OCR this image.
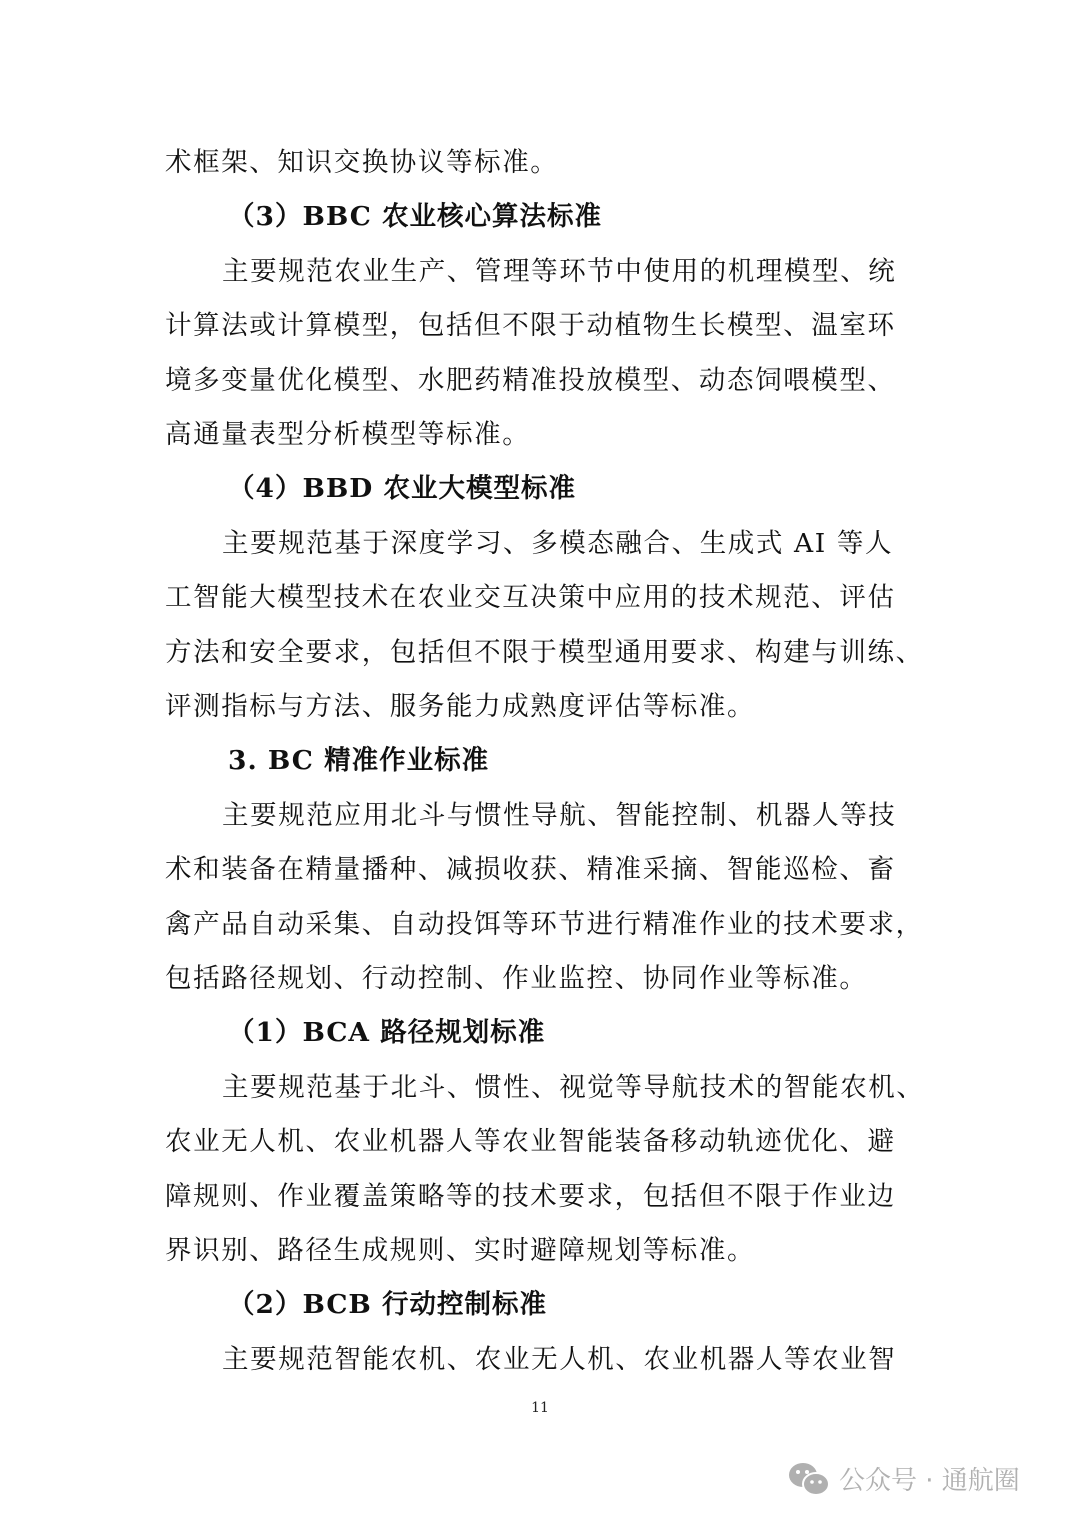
术框架、知识交换协议等标准。
（3）BBC 农业核心算法标准
主要规范农业生产、管理等环节中使用的机理模型、统
计算法或计算模型，包括但不限于动植物生长模型、温室环
境多变量优化模型、水肥药精准投放模型、动态饲喂模型、
高通量表型分析模型等标准。
（4）BBD 农业大模型标准
主要规范基于深度学习、多模态融合、生成式 AI 等人
工智能大模型技术在农业交互决策中应用的技术规范、评估
方法和安全要求，包括但不限于模型通用要求、构建与训练、
评测指标与方法、服务能力成熟度评估等标准。
3. BC 精准作业标准
主要规范应用北斗与惯性导航、智能控制、机器人等技
术和装备在精量播种、减损收获、精准采摘、智能巡检、畜
禽产品自动采集、自动投饵等环节进行精准作业的技术要求，
包括路径规划、行动控制、作业监控、协同作业等标准。
（1）BCA 路径规划标准
主要规范基于北斗、惯性、视觉等导航技术的智能农机、
农业无人机、农业机器人等农业智能装备移动轨迹优化、避
障规则、作业覆盖策略等的技术要求，包括但不限于作业边
界识别、路径生成规则、实时避障规划等标准。
（2）BCB 行动控制标准
主要规范智能农机、农业无人机、农业机器人等农业智
11
公众号 · 通航圈
